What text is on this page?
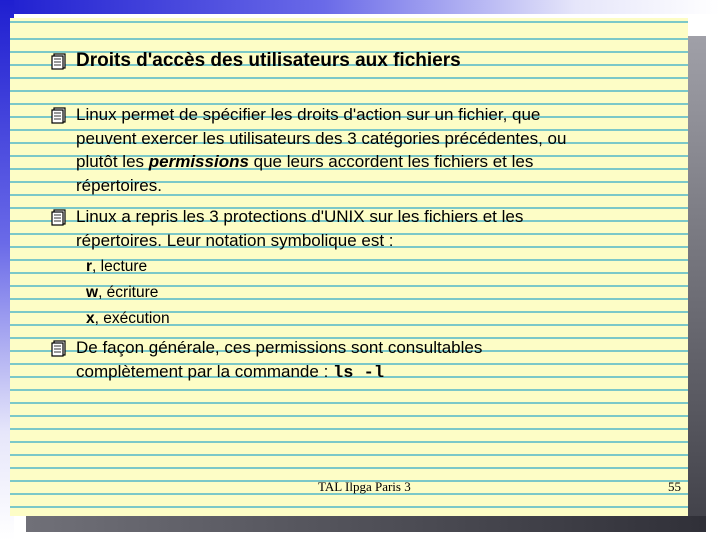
Droits d'accès des utilisateurs aux fichiers
Linux permet de spécifier les droits d'action sur un fichier, que
peuvent exercer les utilisateurs des 3 catégories précédentes, ou
plutôt les permissions que leurs accordent les fichiers et les
répertoires.
Linux a repris les 3 protections d'UNIX sur les fichiers et les
répertoires. Leur notation symbolique est :
r, lecture
w, écriture
x, exécution
De façon générale, ces permissions sont consultables
complètement par la commande : ls -l
TAL Ilpga Paris 3	55
